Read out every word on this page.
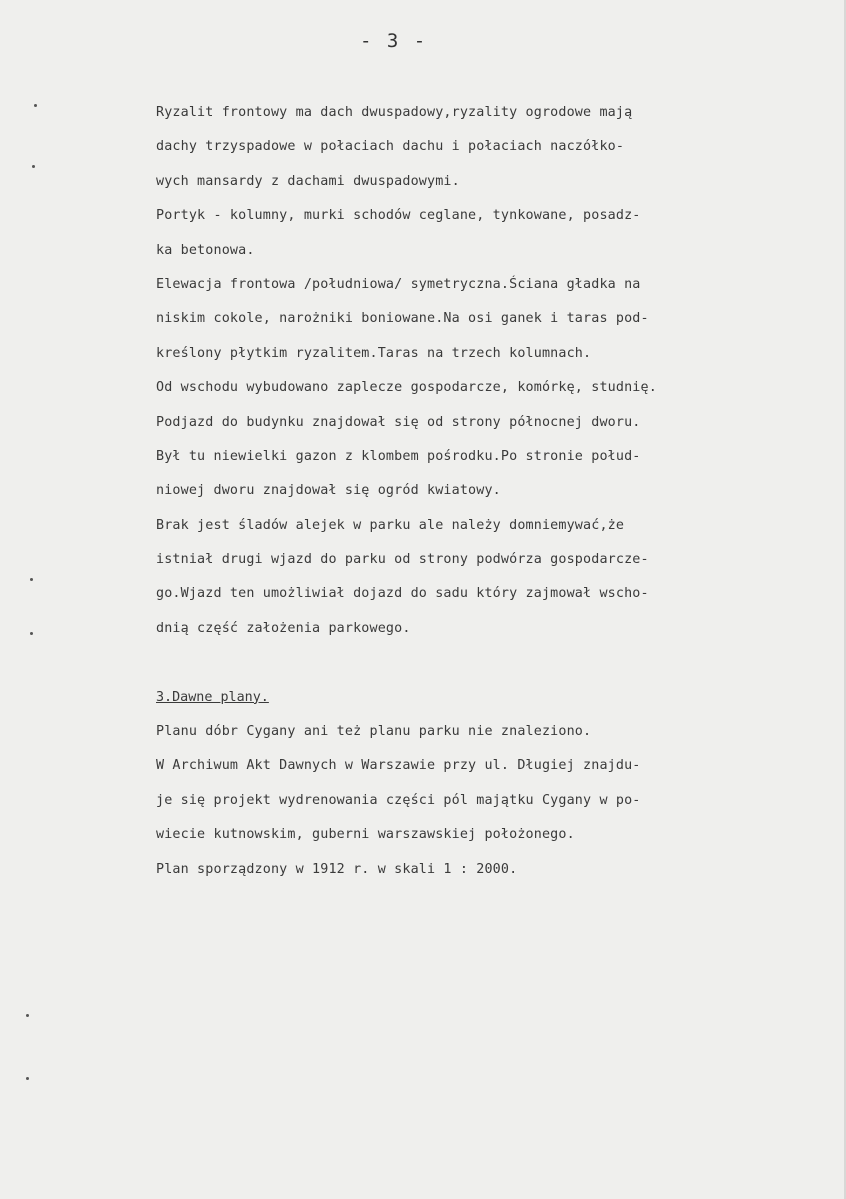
- 3 -
Ryzalit frontowy ma dach dwuspadowy,ryzality ogrodowe mają
dachy trzyspadowe w połaciach dachu i połaciach naczółko-
wych mansardy z dachami dwuspadowymi.
Portyk - kolumny, murki schodów ceglane, tynkowane, posadz-
ka betonowa.
Elewacja frontowa /południowa/ symetryczna.Ściana gładka na
niskim cokole, narożniki boniowane.Na osi ganek i taras pod-
kreślony płytkim ryzalitem.Taras na trzech kolumnach.
Od wschodu wybudowano zaplecze gospodarcze, komórkę, studnię.
Podjazd do budynku znajdował się od strony północnej dworu.
Był tu niewielki gazon z klombem pośrodku.Po stronie połud-
niowej dworu znajdował się ogród kwiatowy.
Brak jest śladów alejek w parku ale należy domniemywać,że
istniał drugi wjazd do parku od strony podwórza gospodarcze-
go.Wjazd ten umożliwiał dojazd do sadu który zajmował wscho-
dnią część założenia parkowego.
3.Dawne plany.
Planu dóbr Cygany ani też planu parku nie znaleziono.
W Archiwum Akt Dawnych w Warszawie przy ul. Długiej znajdu-
je się projekt wydrenowania części pól majątku Cygany w po-
wiecie kutnowskim, guberni warszawskiej położonego.
Plan sporządzony w 1912 r. w skali 1 : 2000.
